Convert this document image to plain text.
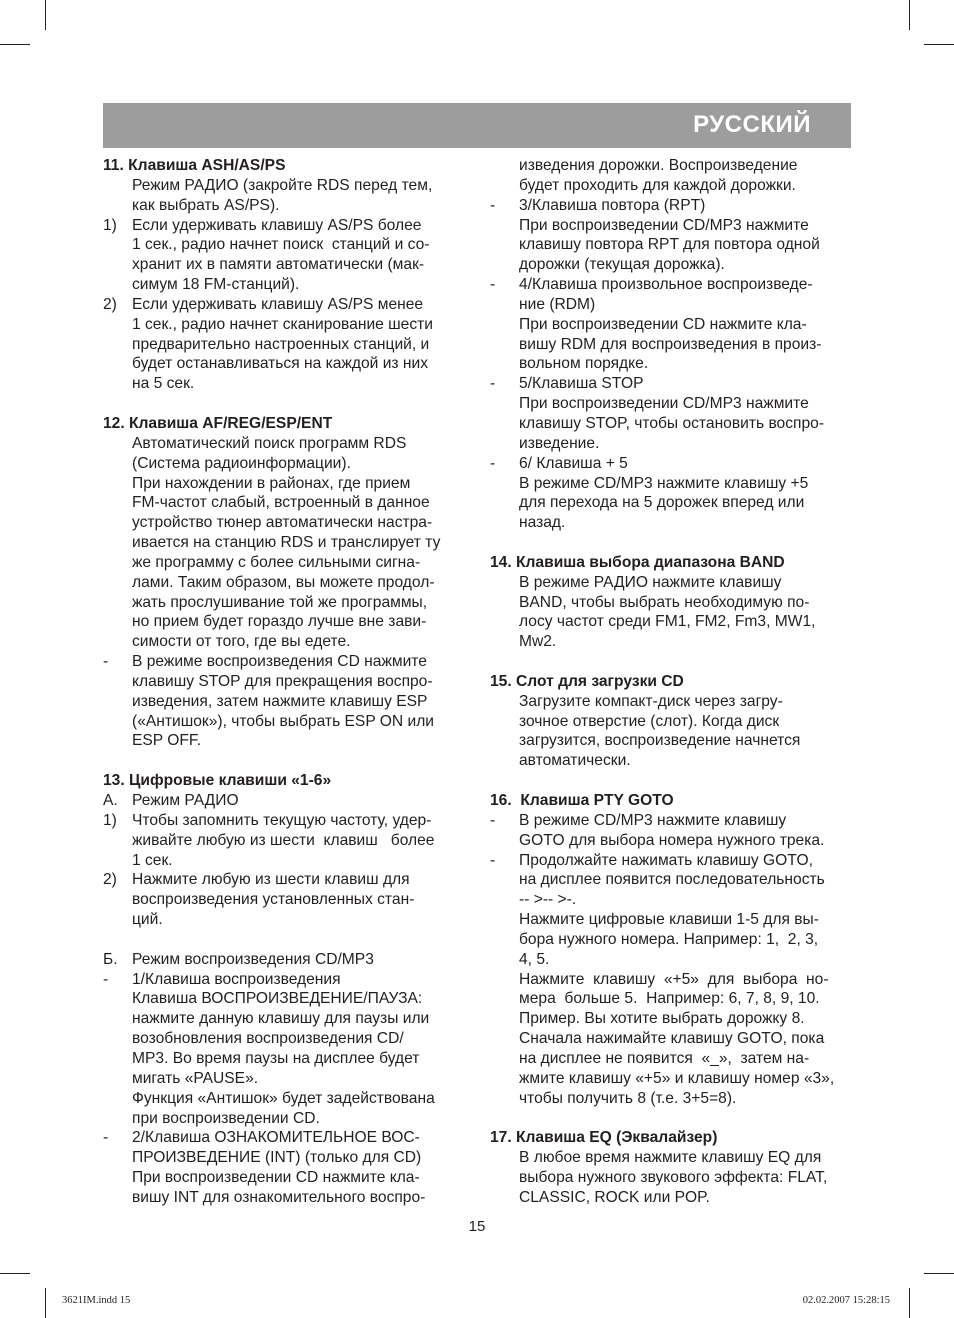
РУССКИЙ
11. Клавиша ASH/AS/PS
Режим РАДИО (закройте RDS перед тем,
как выбрать AS/PS).
1) Если удерживать клавишу AS/PS более
1 сек., радио начнет поиск  станций и со-
хранит их в памяти автоматически (мак-
симум 18 FM-станций).
2) Если удерживать клавишу AS/PS менее
1 сек., радио начнет сканирование шести
предварительно настроенных станций, и
будет останавливаться на каждой из них
на 5 сек.
12. Клавиша AF/REG/ESP/ENT
Автоматический поиск программ RDS
(Система радиоинформации).
При нахождении в районах, где прием
FM-частот слабый, встроенный в данное
устройство тюнер автоматически настра-
ивается на станцию RDS и транслирует ту
же программу с более сильными сигна-
лами. Таким образом, вы можете продол-
жать прослушивание той же программы,
но прием будет гораздо лучше вне зави-
симости от того, где вы едете.
- В режиме воспроизведения CD нажмите
клавишу STOP для прекращения воспро-
изведения, затем нажмите клавишу ESP
(«Антишок»), чтобы выбрать ESP ON или
ESP OFF.
13. Цифровые клавиши «1-6»
А. Режим РАДИО
1) Чтобы запомнить текущую частоту, удер-
живайте любую из шести  клавиш   более
1 сек.
2) Нажмите любую из шести клавиш для
воспроизведения установленных стан-
ций.
Б. Режим воспроизведения CD/MP3
- 1/Клавиша воспроизведения
Клавиша ВОСПРОИЗВЕДЕНИЕ/ПАУЗА:
нажмите данную клавишу для паузы или
возобновления воспроизведения CD/
MP3. Во время паузы на дисплее будет
мигать «PAUSE».
Функция «Антишок» будет задействована
при воспроизведении CD.
- 2/Клавиша ОЗНАКОМИТЕЛЬНОЕ ВОС-
ПРОИЗВЕДЕНИЕ (INT) (только для CD)
При воспроизведении CD нажмите кла-
вишу INT для ознакомительного воспро-
изведения дорожки. Воспроизведение
будет проходить для каждой дорожки.
- 3/Клавиша повтора (RPT)
При воспроизведении CD/MP3 нажмите
клавишу повтора RPT для повтора одной
дорожки (текущая дорожка).
- 4/Клавиша произвольное воспроизведе-
ние (RDM)
При воспроизведении CD нажмите кла-
вишу RDM для воспроизведения в произ-
вольном порядке.
- 5/Клавиша STOP
При воспроизведении CD/MP3 нажмите
клавишу STOP, чтобы остановить воспро-
изведение.
- 6/ Клавиша + 5
В режиме CD/MP3 нажмите клавишу +5
для перехода на 5 дорожек вперед или
назад.
14. Клавиша выбора диапазона BAND
В режиме РАДИО нажмите клавишу
BAND, чтобы выбрать необходимую по-
лосу частот среди FM1, FM2, Fm3, MW1,
Mw2.
15. Слот для загрузки CD
Загрузите компакт-диск через загру-
зочное отверстие (слот). Когда диск
загрузится, воспроизведение начнется
автоматически.
16.  Клавиша PTY GOTO
- В режиме CD/MP3 нажмите клавишу
GOTO для выбора номера нужного трека.
- Продолжайте нажимать клавишу GOTO,
на дисплее появится последовательность
-- >-- >-.
Нажмите цифровые клавиши 1-5 для вы-
бора нужного номера. Например: 1,  2, 3,
4, 5.
Нажмите  клавишу  «+5»  для  выбора  но-
мера  больше 5.  Например: 6, 7, 8, 9, 10.
Пример. Вы хотите выбрать дорожку 8.
Сначала нажимайте клавишу GOTO, пока
на дисплее не появится  «_»,  затем на-
жмите клавишу «+5» и клавишу номер «3»,
чтобы получить 8 (т.е. 3+5=8).
17. Клавиша EQ (Эквалайзер)
В любое время нажмите клавишу EQ для
выбора нужного звукового эффекта: FLAT,
CLASSIC, ROCK или POP.
15
3621IM.indd 15	02.02.2007 15:28:15
